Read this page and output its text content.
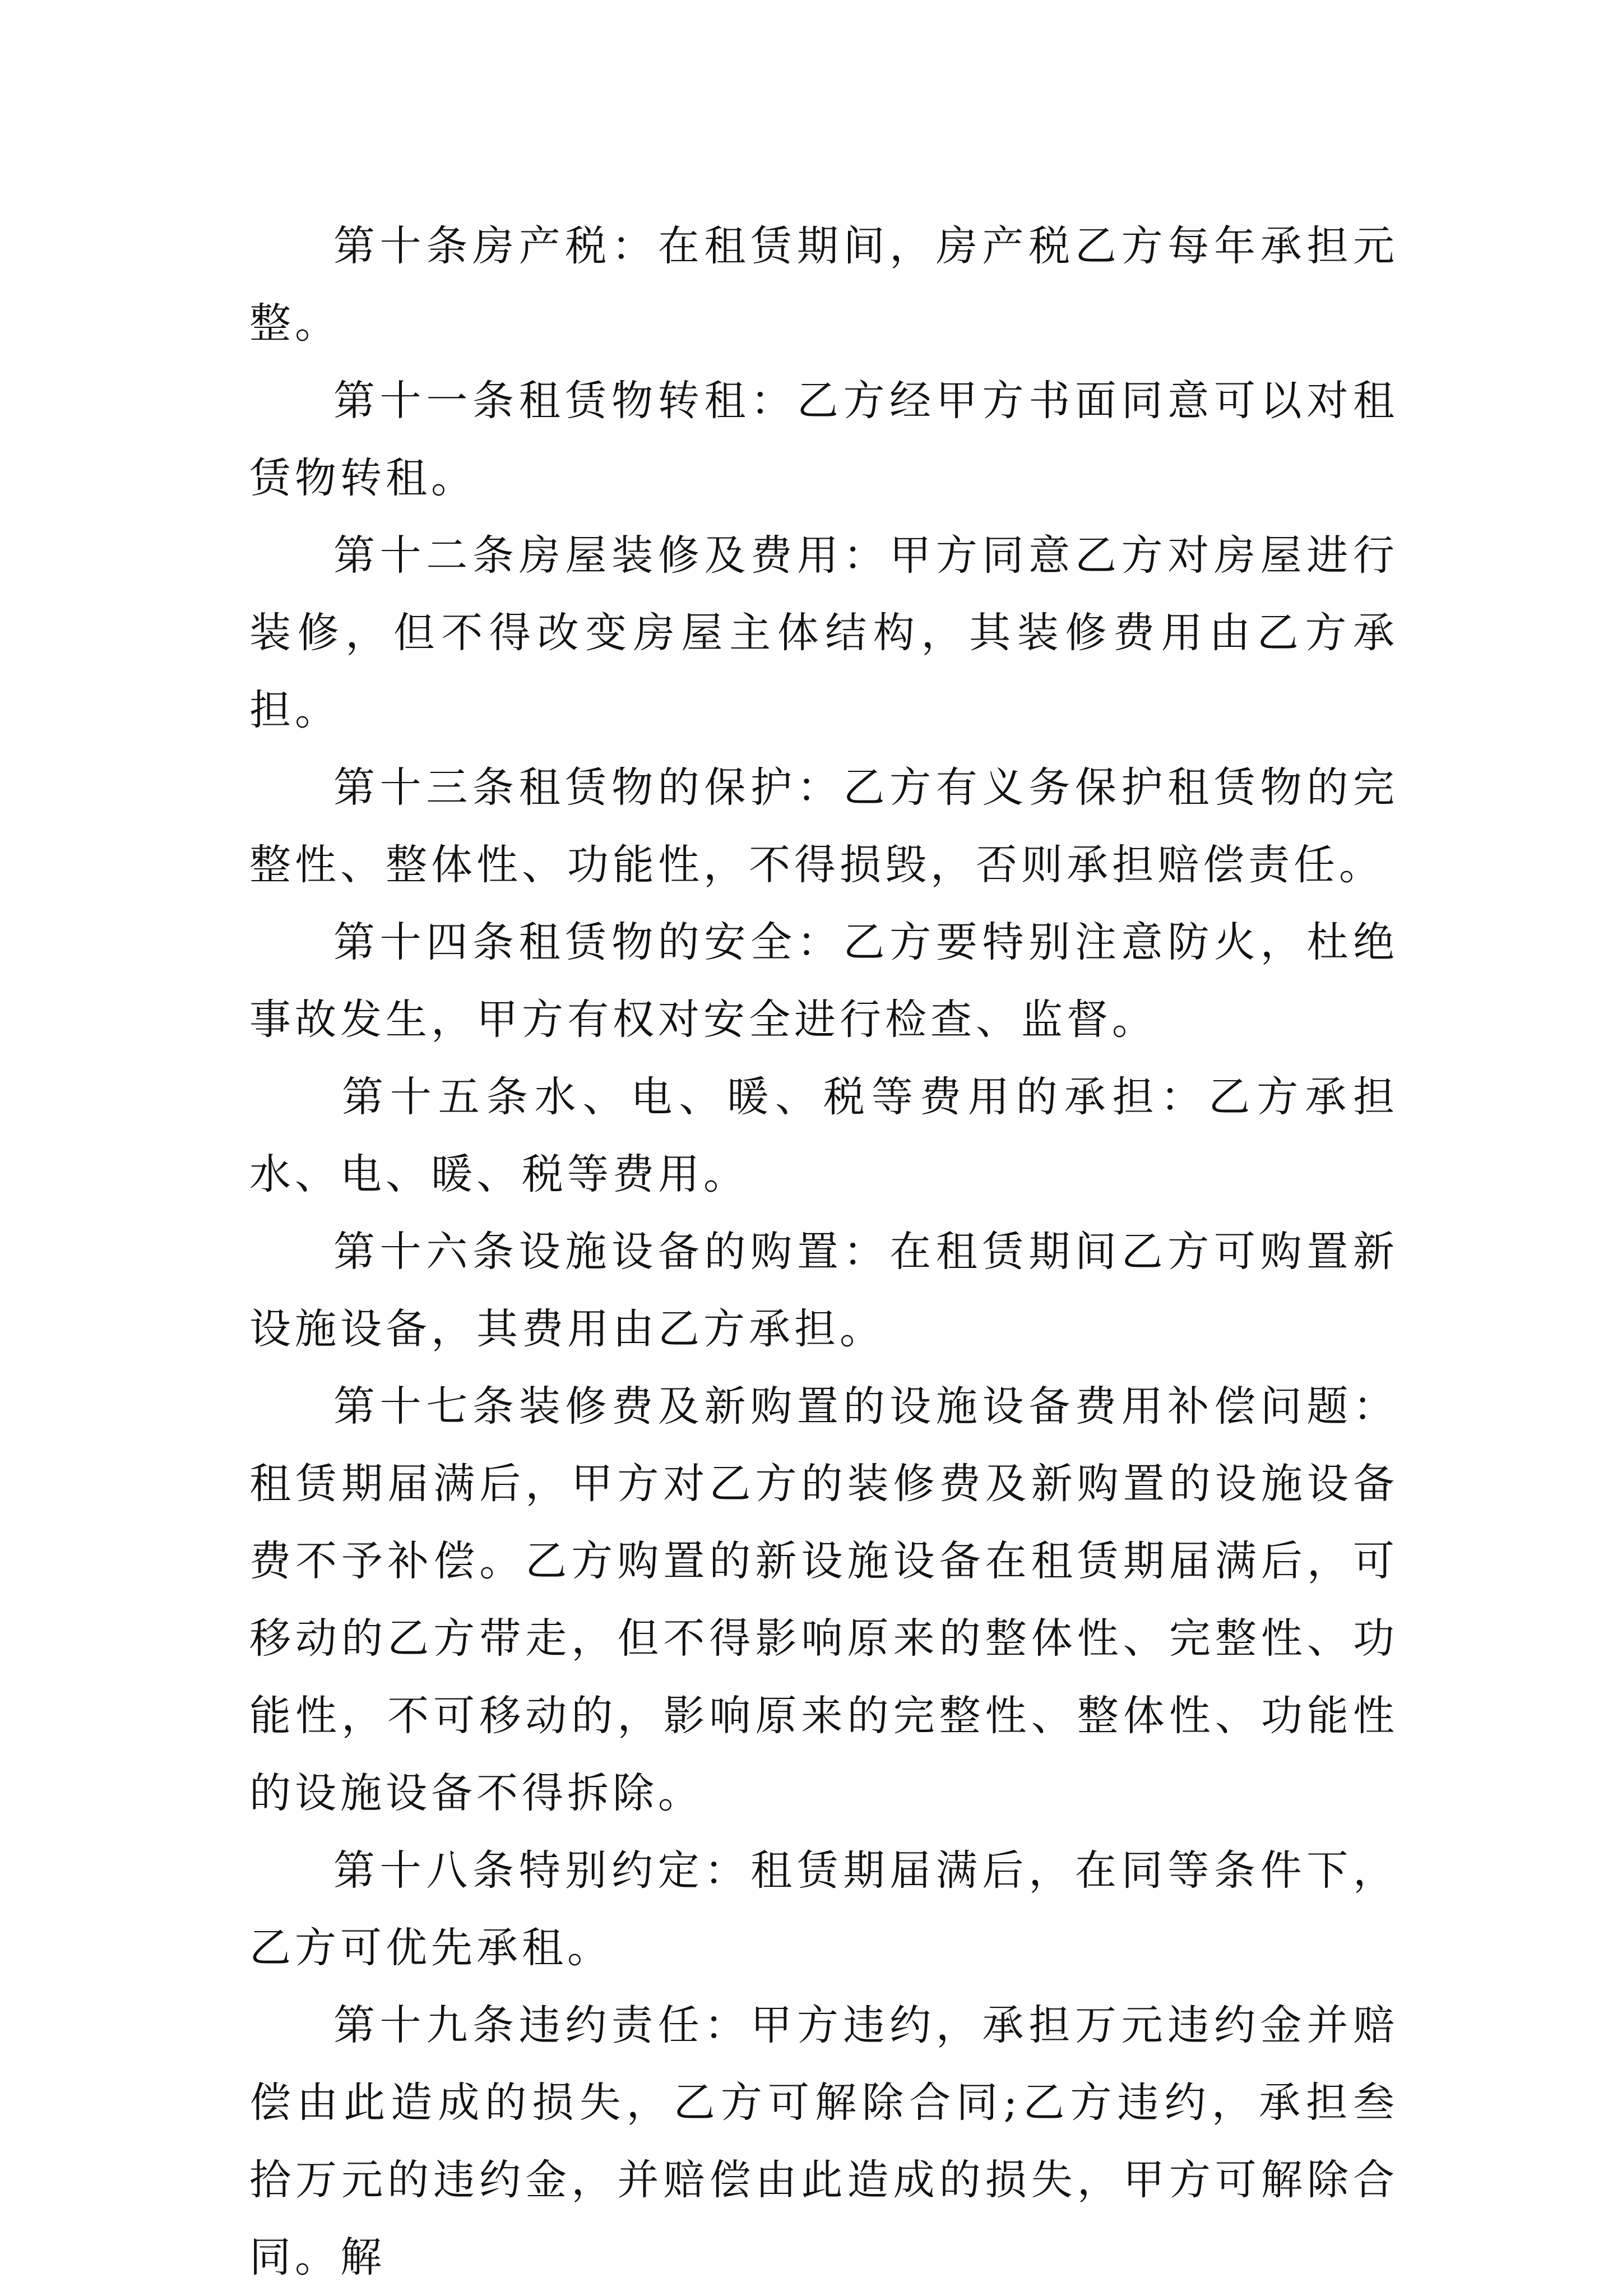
第十条房产税：在租赁期间，房产税乙方每年承担元整。

第十一条租赁物转租：乙方经甲方书面同意可以对租赁物转租。

第十二条房屋装修及费用：甲方同意乙方对房屋进行装修，但不得改变房屋主体结构，其装修费用由乙方承担。

第十三条租赁物的保护：乙方有义务保护租赁物的完整性、整体性、功能性，不得损毁，否则承担赔偿责任。

第十四条租赁物的安全：乙方要特别注意防火，杜绝事故发生，甲方有权对安全进行检查、监督。

第十五条水、电、暖、税等费用的承担：乙方承担水、电、暖、税等费用。

第十六条设施设备的购置：在租赁期间乙方可购置新设施设备，其费用由乙方承担。

第十七条装修费及新购置的设施设备费用补偿问题：租赁期届满后，甲方对乙方的装修费及新购置的设施设备费不予补偿。乙方购置的新设施设备在租赁期届满后，可移动的乙方带走，但不得影响原来的整体性、完整性、功能性，不可移动的，影响原来的完整性、整体性、功能性的设施设备不得拆除。

第十八条特别约定：租赁期届满后，在同等条件下，乙方可优先承租。

第十九条违约责任：甲方违约，承担万元违约金并赔偿由此造成的损失，乙方可解除合同;乙方违约，承担叁拾万元的违约金，并赔偿由此造成的损失，甲方可解除合同。解
